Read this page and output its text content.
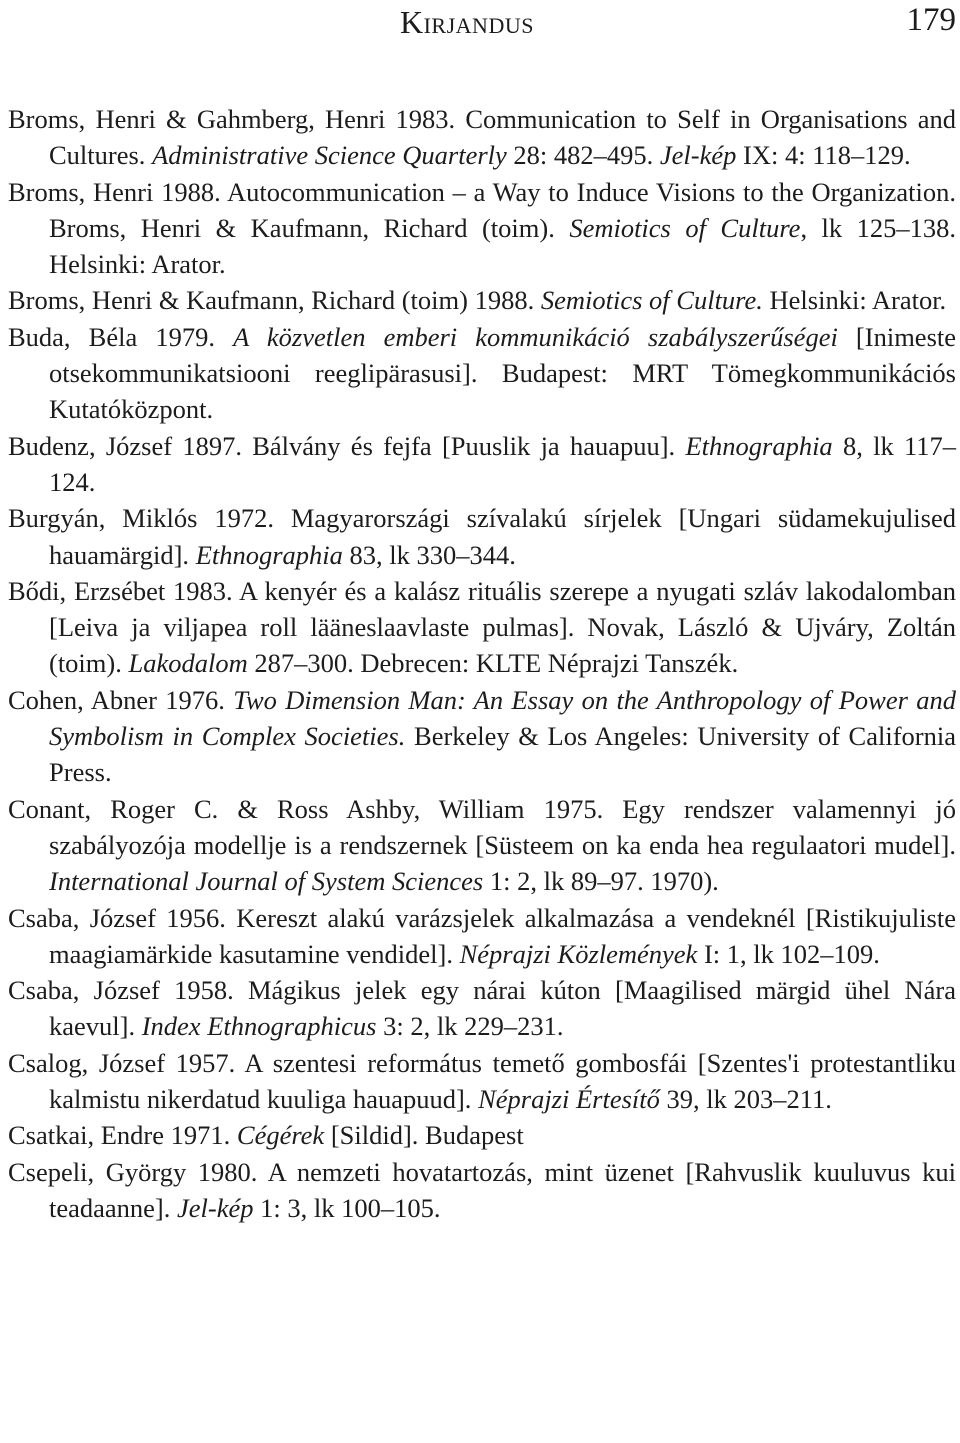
Kirjandus	179

Broms, Henri & Gahmberg, Henri 1983. Communication to Self in Organisations and Cultures. Administrative Science Quarterly 28: 482–495. Jel-kép IX: 4: 118–129.

Broms, Henri 1988. Autocommunication – a Way to Induce Visions to the Organization. Broms, Henri & Kaufmann, Richard (toim). Semiotics of Culture, lk 125–138. Helsinki: Arator.

Broms, Henri & Kaufmann, Richard (toim) 1988. Semiotics of Culture. Helsinki: Arator.

Buda, Béla 1979. A közvetlen emberi kommunikáció szabályszerűségei [Inimeste otsekommunikatsiooni reeglipärasusi]. Budapest: MRT Tömegkommunikációs Kutatóközpont.

Budenz, József 1897. Bálvány és fejfa [Puuslik ja hauapuu]. Ethnographia 8, lk 117–124.

Burgyán, Miklós 1972. Magyarországi szívalakú sírjelek [Ungari südamekujulised hauamärgid]. Ethnographia 83, lk 330–344.

Bődi, Erzsébet 1983. A kenyér és a kalász rituális szerepe a nyugati szláv lakodalomban [Leiva ja viljapea roll lääneslaavlaste pulmas]. Novak, László & Ujváry, Zoltán (toim). Lakodalom 287–300. Debrecen: KLTE Néprajzi Tanszék.

Cohen, Abner 1976. Two Dimension Man: An Essay on the Anthropology of Power and Symbolism in Complex Societies. Berkeley & Los Angeles: University of California Press.

Conant, Roger C. & Ross Ashby, William 1975. Egy rendszer valamennyi jó szabályozója modellje is a rendszernek [Süsteem on ka enda hea regulaatori mudel]. International Journal of System Sciences 1: 2, lk 89–97. 1970).

Csaba, József 1956. Kereszt alakú varázsjelek alkalmazása a vendeknél [Ristikujuliste maagiamärkide kasutamine vendidel]. Néprajzi Közlemények I: 1, lk 102–109.

Csaba, József 1958. Mágikus jelek egy nárai kúton [Maagilised märgid ühel Nára kaevul]. Index Ethnographicus 3: 2, lk 229–231.

Csalog, József 1957. A szentesi református temető gombosfái [Szentes'i protestantliku kalmistu nikerdatud kuuliga hauapuud]. Néprajzi Értesítő 39, lk 203–211.

Csatkai, Endre 1971. Cégérek [Sildid]. Budapest

Csepeli, György 1980. A nemzeti hovatartozás, mint üzenet [Rahvuslik kuuluvus kui teadaanne]. Jel-kép 1: 3, lk 100–105.
